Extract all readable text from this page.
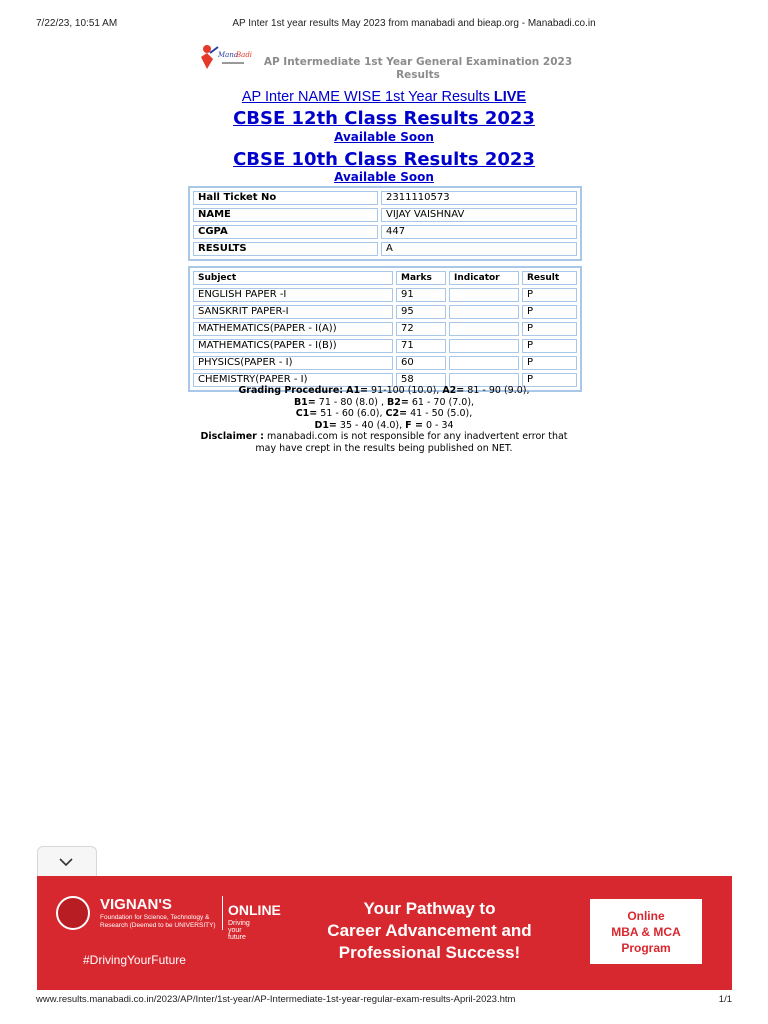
7/22/23, 10:51 AM	AP Inter 1st year results May 2023 from manabadi and bieap.org - Manabadi.co.in
Mana
Badi
AP Intermediate 1st Year General Examination 2023 Results
AP Inter NAME WISE 1st Year Results LIVE
CBSE 12th Class Results 2023
Available Soon
CBSE 10th Class Results 2023
Available Soon
Hall Ticket No	2311110573
NAME	VIJAY VAISHNAV
CGPA	447
RESULTS	A
Subject	Marks	Indicator	Result
ENGLISH PAPER -I	91		P
SANSKRIT PAPER-I	95		P
MATHEMATICS(PAPER - I(A))	72		P
MATHEMATICS(PAPER - I(B))	71		P
PHYSICS(PAPER - I)	60		P
CHEMISTRY(PAPER - I)	58		P
Grading Procedure: A1= 91-100 (10.0), A2= 81 - 90 (9.0),
B1= 71 - 80 (8.0) , B2= 61 - 70 (7.0),
C1= 51 - 60 (6.0), C2= 41 - 50 (5.0),
D1= 35 - 40 (4.0), F = 0 - 34
Disclaimer : manabadi.com is not responsible for any inadvertent error that may have crept in the results being published on NET.
VIGNAN'S
Foundation for Science, Technology & Research (Deemed to be UNIVERSITY)
ONLINE
Driving your future
#DrivingYourFuture
Your Pathway to
Career Advancement and
Professional Success!
Online
MBA & MCA
Program
www.results.manabadi.co.in/2023/AP/Inter/1st-year/AP-Intermediate-1st-year-regular-exam-results-April-2023.htm	1/1
